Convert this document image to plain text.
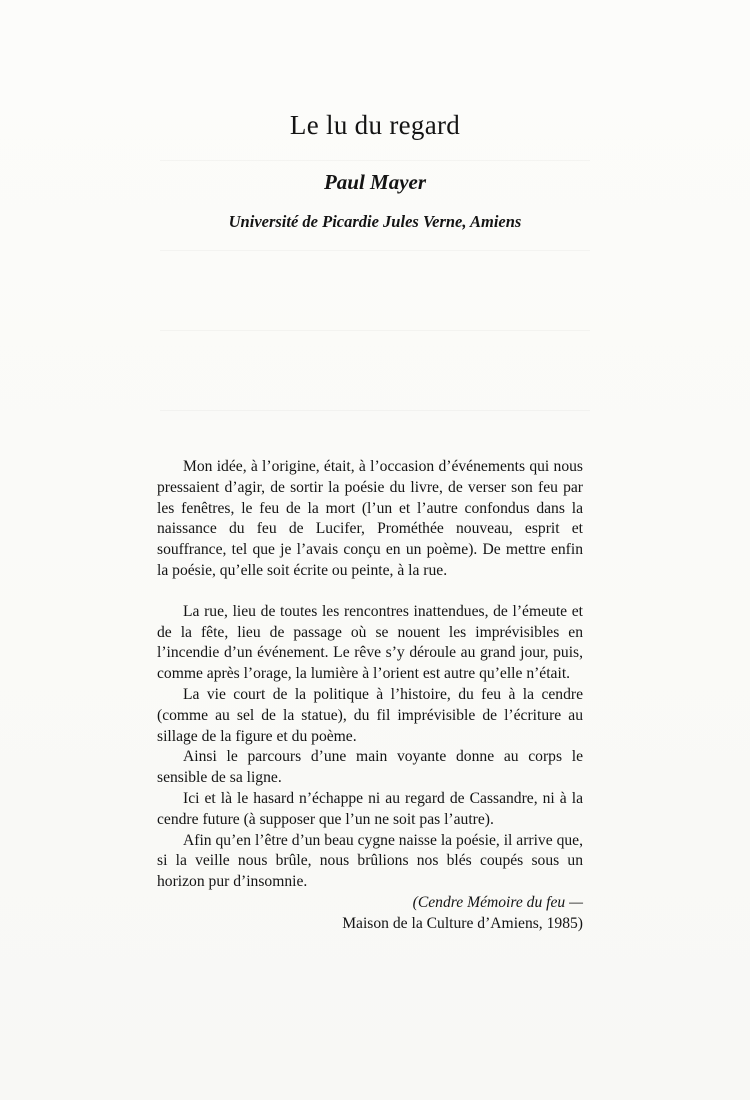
Le lu du regard
Paul Mayer
Université de Picardie Jules Verne, Amiens

Mon idée, à l’origine, était, à l’occasion d’événements qui nous pressaient d’agir, de sortir la poésie du livre, de verser son feu par les fenêtres, le feu de la mort (l’un et l’autre confondus dans la naissance du feu de Lucifer, Prométhée nouveau, esprit et souffrance, tel que je l’avais conçu en un poème). De mettre enfin la poésie, qu’elle soit écrite ou peinte, à la rue.

La rue, lieu de toutes les rencontres inattendues, de l’émeute et de la fête, lieu de passage où se nouent les imprévisibles en l’incendie d’un événement. Le rêve s’y déroule au grand jour, puis, comme après l’orage, la lumière à l’orient est autre qu’elle n’était.

La vie court de la politique à l’histoire, du feu à la cendre (comme au sel de la statue), du fil imprévisible de l’écriture au sillage de la figure et du poème.

Ainsi le parcours d’une main voyante donne au corps le sensible de sa ligne.

Ici et là le hasard n’échappe ni au regard de Cassandre, ni à la cendre future (à supposer que l’un ne soit pas l’autre).

Afin qu’en l’être d’un beau cygne naisse la poésie, il arrive que, si la veille nous brûle, nous brûlions nos blés coupés sous un horizon pur d’insomnie.

(Cendre Mémoire du feu —

Maison de la Culture d’Amiens, 1985)
